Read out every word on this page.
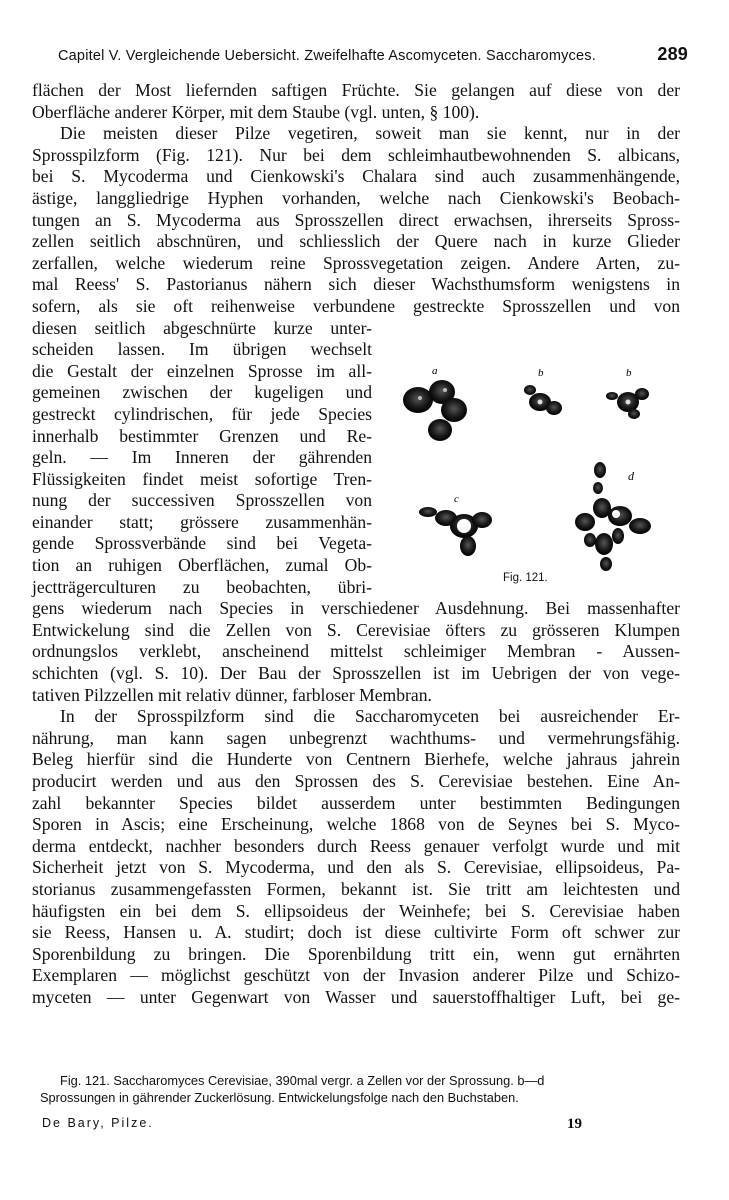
Capitel V. Vergleichende Uebersicht. Zweifelhafte Ascomyceten. Saccharomyces.	289
flächen der Most liefernden saftigen Früchte. Sie gelangen auf diese von der
Oberfläche anderer Körper, mit dem Staube (vgl. unten, § 100).
Die meisten dieser Pilze vegetiren, soweit man sie kennt, nur in der
Sprosspilzform (Fig. 121). Nur bei dem schleimhautbewohnenden S. albicans,
bei S. Mycoderma und Cienkowski's Chalara sind auch zusammenhängende,
ästige, langgliedrige Hyphen vorhanden, welche nach Cienkowski's Beobach-
tungen an S. Mycoderma aus Sprosszellen direct erwachsen, ihrerseits Spross-
zellen seitlich abschnüren, und schliesslich der Quere nach in kurze Glieder
zerfallen, welche wiederum reine Sprossvegetation zeigen. Andere Arten, zu-
mal Reess' S. Pastorianus nähern sich dieser Wachsthumsform wenigstens in
sofern, als sie oft reihenweise verbundene gestreckte Sprosszellen und von
diesen seitlich abgeschnürte kurze unter-
scheiden lassen. Im übrigen wechselt
die Gestalt der einzelnen Sprosse im all-
gemeinen zwischen der kugeligen und
gestreckt cylindrischen, für jede Species
innerhalb bestimmter Grenzen und Re-
geln. — Im Inneren der gährenden
Flüssigkeiten findet meist sofortige Tren-
nung der successiven Sprosszellen von
einander statt; grössere zusammenhän-
gende Sprossverbände sind bei Vegeta-
tion an ruhigen Oberflächen, zumal Ob-
jectträgerculturen zu beobachten, übri-
gens wiederum nach Species in verschiedener Ausdehnung. Bei massenhafter
Entwickelung sind die Zellen von S. Cerevisiae öfters zu grösseren Klumpen
ordnungslos verklebt, anscheinend mittelst schleimiger Membran - Aussen-
schichten (vgl. S. 10). Der Bau der Sprosszellen ist im Uebrigen der von vege-
tativen Pilzzellen mit relativ dünner, farbloser Membran.
In der Sprosspilzform sind die Saccharomyceten bei ausreichender Er-
nährung, man kann sagen unbegrenzt wachthums- und vermehrungsfähig.
Beleg hierfür sind die Hunderte von Centnern Bierhefe, welche jahraus jahrein
producirt werden und aus den Sprossen des S. Cerevisiae bestehen. Eine An-
zahl bekannter Species bildet ausserdem unter bestimmten Bedingungen
Sporen in Ascis; eine Erscheinung, welche 1868 von de Seynes bei S. Myco-
derma entdeckt, nachher besonders durch Reess genauer verfolgt wurde und mit
Sicherheit jetzt von S. Mycoderma, und den als S. Cerevisiae, ellipsoideus, Pa-
storianus zusammengefassten Formen, bekannt ist. Sie tritt am leichtesten und
häufigsten ein bei dem S. ellipsoideus der Weinhefe; bei S. Cerevisiae haben
sie Reess, Hansen u. A. studirt; doch ist diese cultivirte Form oft schwer zur
Sporenbildung zu bringen. Die Sporenbildung tritt ein, wenn gut ernährten
Exemplaren — möglichst geschützt von der Invasion anderer Pilze und Schizo-
myceten — unter Gegenwart von Wasser und sauerstoffhaltiger Luft, bei ge-
a	b	b
c
d
Fig. 121.
Fig. 121. Saccharomyces Cerevisiae, 390mal vergr. a Zellen vor der Sprossung. b—d
Sprossungen in gährender Zuckerlösung. Entwickelungsfolge nach den Buchstaben.
De Bary, Pilze.	19
